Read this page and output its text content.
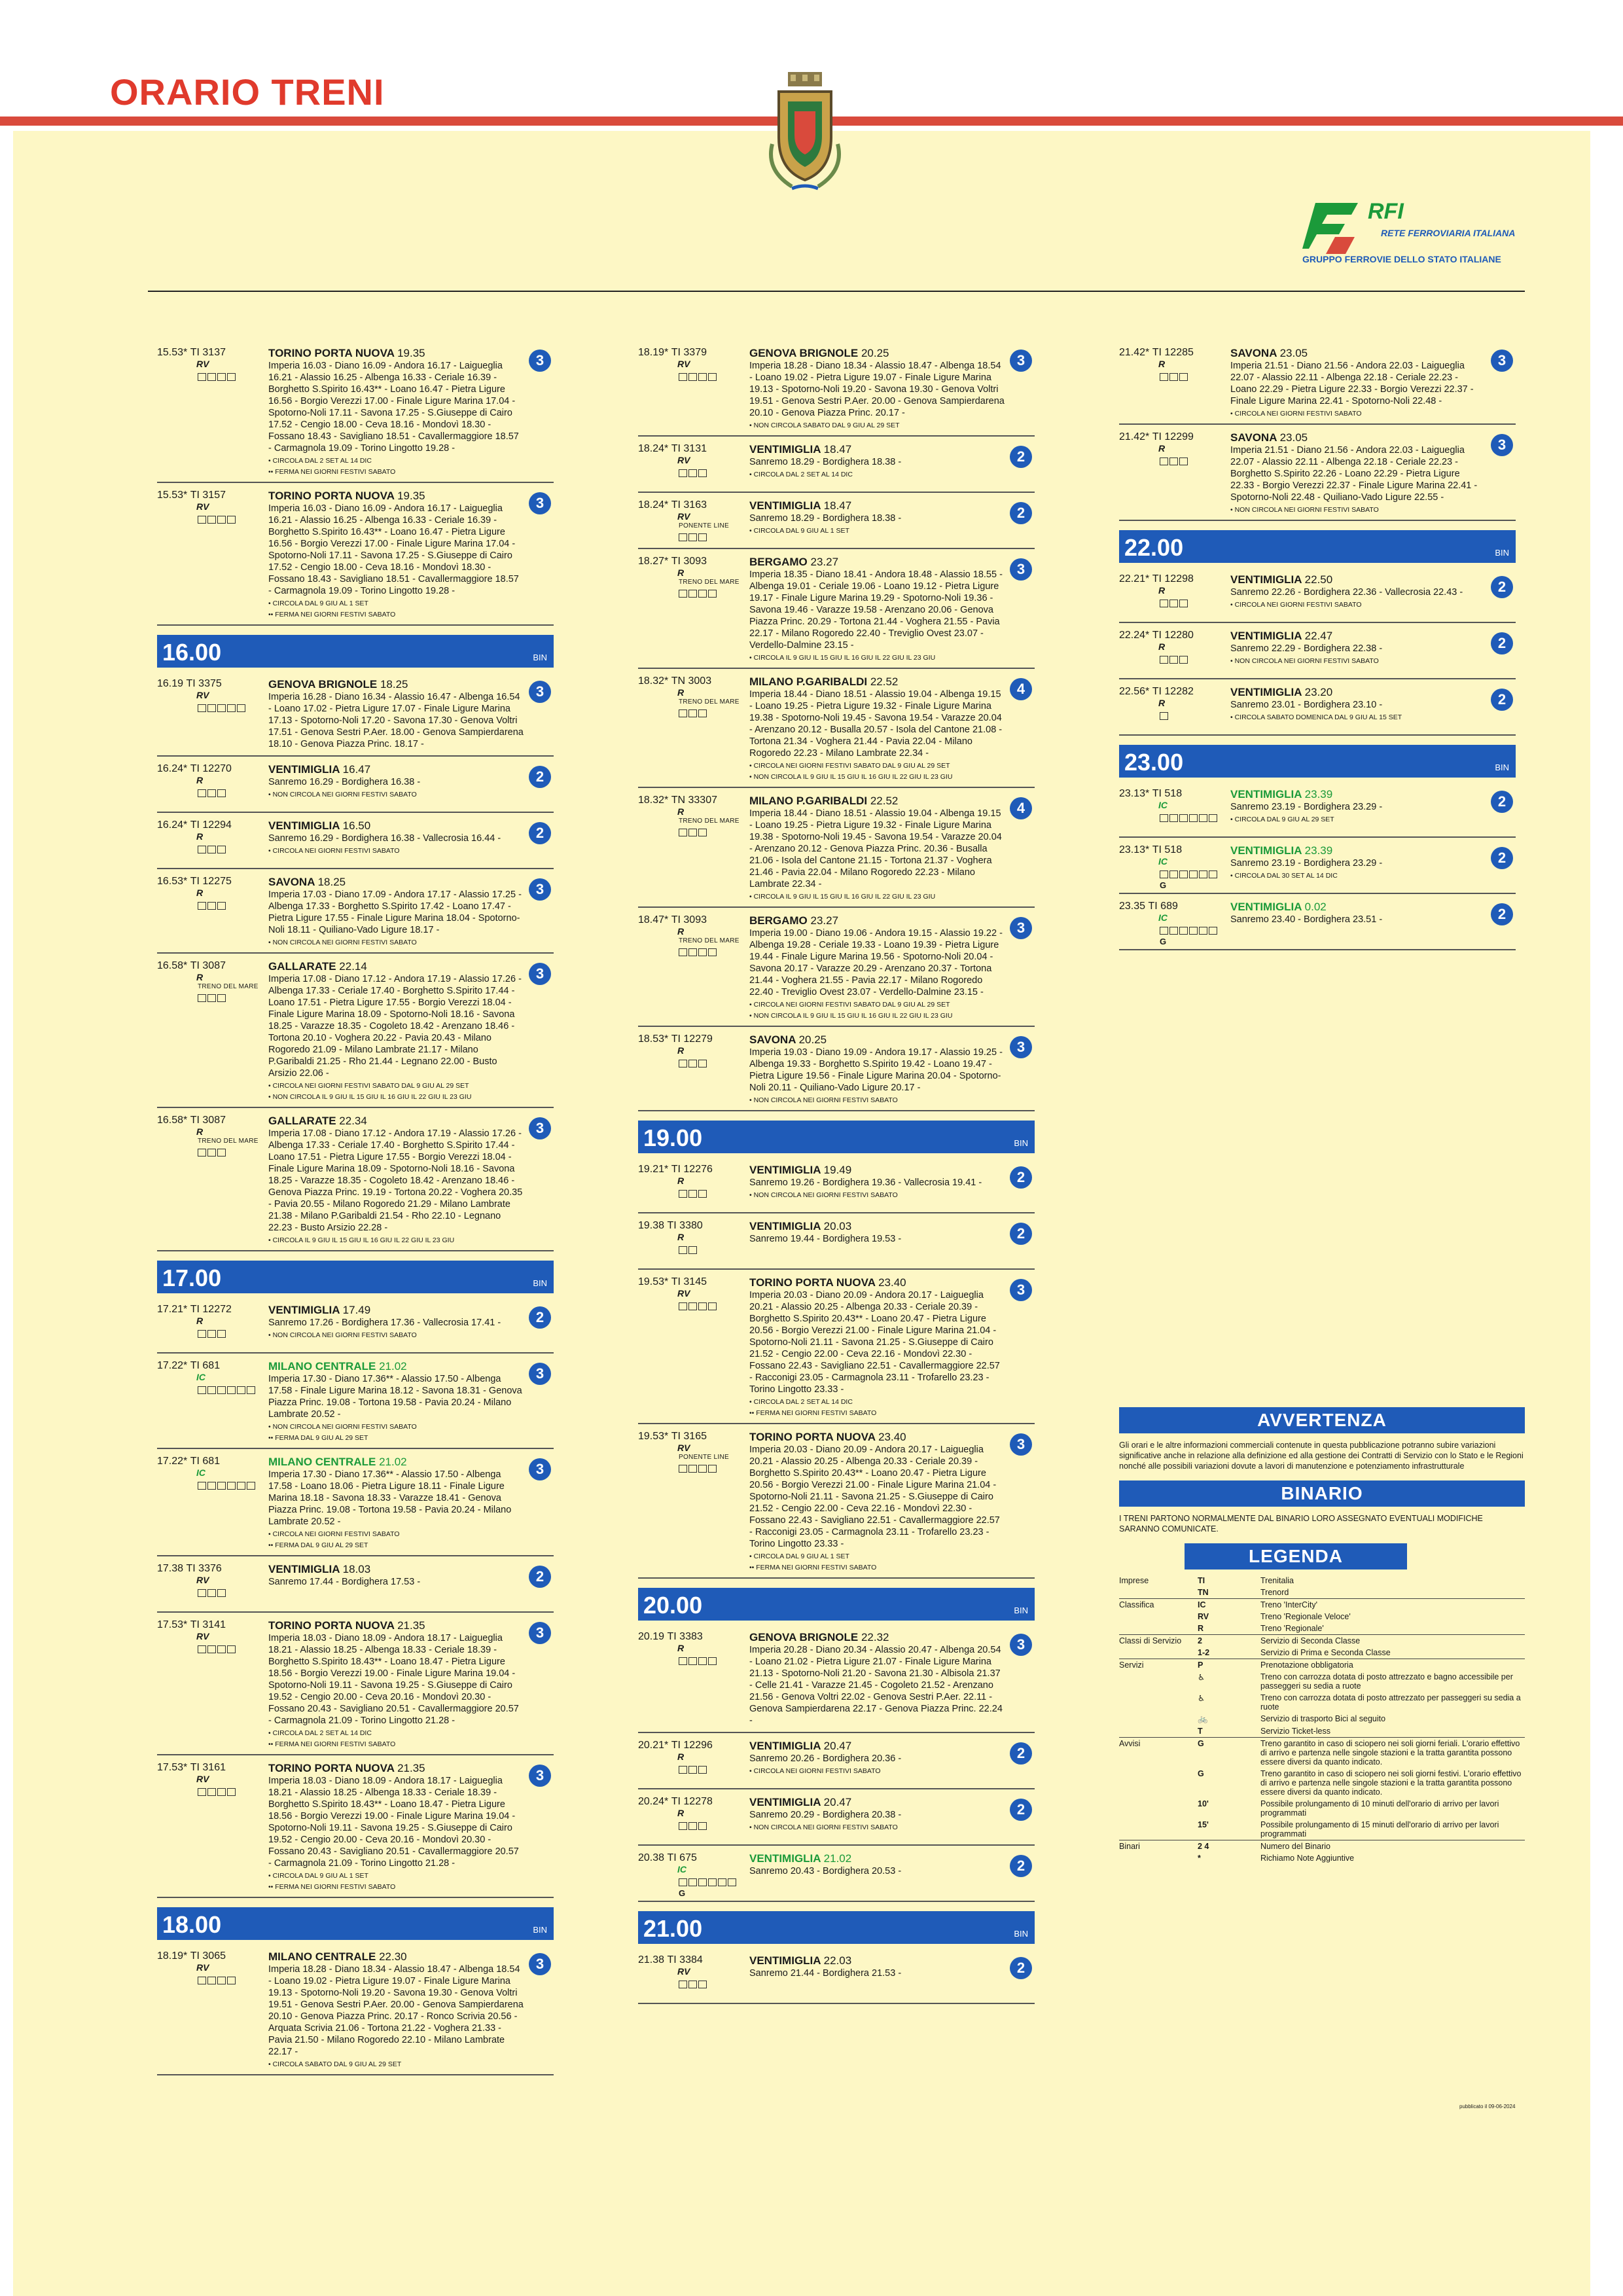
ORARIO TRENI
RFI
RETE FERROVIARIA ITALIANA
GRUPPO FERROVIE DELLO STATO ITALIANE
15.53* TI 3137
RV
TORINO PORTA NUOVA 19.35
Imperia 16.03 - Diano 16.09 - Andora 16.17 - Laigueglia 16.21 - Alassio 16.25 - Albenga 16.33 - Ceriale 16.39 - Borghetto S.Spirito 16.43** - Loano 16.47 - Pietra Ligure 16.56 - Borgio Verezzi 17.00 - Finale Ligure Marina 17.04 - Spotorno-Noli 17.11 - Savona 17.25 - S.Giuseppe di Cairo 17.52 - Cengio 18.00 - Ceva 18.16 - Mondovì 18.30 - Fossano 18.43 - Savigliano 18.51 - Cavallermaggiore 18.57 - Carmagnola 19.09 - Torino Lingotto 19.28 -
• CIRCOLA DAL 2 SET AL 14 DIC
•• FERMA NEI GIORNI FESTIVI SABATO
3
15.53* TI 3157
RV
TORINO PORTA NUOVA 19.35
Imperia 16.03 - Diano 16.09 - Andora 16.17 - Laigueglia 16.21 - Alassio 16.25 - Albenga 16.33 - Ceriale 16.39 - Borghetto S.Spirito 16.43** - Loano 16.47 - Pietra Ligure 16.56 - Borgio Verezzi 17.00 - Finale Ligure Marina 17.04 - Spotorno-Noli 17.11 - Savona 17.25 - S.Giuseppe di Cairo 17.52 - Cengio 18.00 - Ceva 18.16 - Mondovì 18.30 - Fossano 18.43 - Savigliano 18.51 - Cavallermaggiore 18.57 - Carmagnola 19.09 - Torino Lingotto 19.28 -
• CIRCOLA DAL 9 GIU AL 1 SET
•• FERMA NEI GIORNI FESTIVI SABATO
3
16.00	BIN
16.19 TI 3375
RV
GENOVA BRIGNOLE 18.25
Imperia 16.28 - Diano 16.34 - Alassio 16.47 - Albenga 16.54 - Loano 17.02 - Pietra Ligure 17.07 - Finale Ligure Marina 17.13 - Spotorno-Noli 17.20 - Savona 17.30 - Genova Voltri 17.51 - Genova Sestri P.Aer. 18.00 - Genova Sampierdarena 18.10 - Genova Piazza Princ. 18.17 -
3
16.24* TI 12270
R
VENTIMIGLIA 16.47
Sanremo 16.29 - Bordighera 16.38 -
• NON CIRCOLA NEI GIORNI FESTIVI SABATO
2
16.24* TI 12294
R
VENTIMIGLIA 16.50
Sanremo 16.29 - Bordighera 16.38 - Vallecrosia 16.44 -
• CIRCOLA NEI GIORNI FESTIVI SABATO
2
16.53* TI 12275
R
SAVONA 18.25
Imperia 17.03 - Diano 17.09 - Andora 17.17 - Alassio 17.25 - Albenga 17.33 - Borghetto S.Spirito 17.42 - Loano 17.47 - Pietra Ligure 17.55 - Finale Ligure Marina 18.04 - Spotorno-Noli 18.11 - Quiliano-Vado Ligure 18.17 -
• NON CIRCOLA NEI GIORNI FESTIVI SABATO
3
16.58* TI 3087
R
TRENO DEL MARE
GALLARATE 22.14
Imperia 17.08 - Diano 17.12 - Andora 17.19 - Alassio 17.26 - Albenga 17.33 - Ceriale 17.40 - Borghetto S.Spirito 17.44 - Loano 17.51 - Pietra Ligure 17.55 - Borgio Verezzi 18.04 - Finale Ligure Marina 18.09 - Spotorno-Noli 18.16 - Savona 18.25 - Varazze 18.35 - Cogoleto 18.42 - Arenzano 18.46 - Tortona 20.10 - Voghera 20.22 - Pavia 20.43 - Milano Rogoredo 21.09 - Milano Lambrate 21.17 - Milano P.Garibaldi 21.25 - Rho 21.44 - Legnano 22.00 - Busto Arsizio 22.06 -
• CIRCOLA NEI GIORNI FESTIVI SABATO DAL 9 GIU AL 29 SET
• NON CIRCOLA IL 9 GIU IL 15 GIU IL 16 GIU IL 22 GIU IL 23 GIU
3
16.58* TI 3087
R
TRENO DEL MARE
GALLARATE 22.34
Imperia 17.08 - Diano 17.12 - Andora 17.19 - Alassio 17.26 - Albenga 17.33 - Ceriale 17.40 - Borghetto S.Spirito 17.44 - Loano 17.51 - Pietra Ligure 17.55 - Borgio Verezzi 18.04 - Finale Ligure Marina 18.09 - Spotorno-Noli 18.16 - Savona 18.25 - Varazze 18.35 - Cogoleto 18.42 - Arenzano 18.46 - Genova Piazza Princ. 19.19 - Tortona 20.22 - Voghera 20.35 - Pavia 20.55 - Milano Rogoredo 21.29 - Milano Lambrate 21.38 - Milano P.Garibaldi 21.54 - Rho 22.10 - Legnano 22.23 - Busto Arsizio 22.28 -
• CIRCOLA IL 9 GIU IL 15 GIU IL 16 GIU IL 22 GIU IL 23 GIU
3
17.00	BIN
17.21* TI 12272
R
VENTIMIGLIA 17.49
Sanremo 17.26 - Bordighera 17.36 - Vallecrosia 17.41 -
• NON CIRCOLA NEI GIORNI FESTIVI SABATO
2
17.22* TI 681
IC
MILANO CENTRALE 21.02
Imperia 17.30 - Diano 17.36** - Alassio 17.50 - Albenga 17.58 - Finale Ligure Marina 18.12 - Savona 18.31 - Genova Piazza Princ. 19.08 - Tortona 19.58 - Pavia 20.24 - Milano Lambrate 20.52 -
• NON CIRCOLA NEI GIORNI FESTIVI SABATO
•• FERMA DAL 9 GIU AL 29 SET
3
17.22* TI 681
IC
MILANO CENTRALE 21.02
Imperia 17.30 - Diano 17.36** - Alassio 17.50 - Albenga 17.58 - Loano 18.06 - Pietra Ligure 18.11 - Finale Ligure Marina 18.18 - Savona 18.33 - Varazze 18.41 - Genova Piazza Princ. 19.08 - Tortona 19.58 - Pavia 20.24 - Milano Lambrate 20.52 -
• CIRCOLA NEI GIORNI FESTIVI SABATO
•• FERMA DAL 9 GIU AL 29 SET
3
17.38 TI 3376
RV
VENTIMIGLIA 18.03
Sanremo 17.44 - Bordighera 17.53 -	2
17.53* TI 3141
RV
TORINO PORTA NUOVA 21.35
Imperia 18.03 - Diano 18.09 - Andora 18.17 - Laigueglia 18.21 - Alassio 18.25 - Albenga 18.33 - Ceriale 18.39 - Borghetto S.Spirito 18.43** - Loano 18.47 - Pietra Ligure 18.56 - Borgio Verezzi 19.00 - Finale Ligure Marina 19.04 - Spotorno-Noli 19.11 - Savona 19.25 - S.Giuseppe di Cairo 19.52 - Cengio 20.00 - Ceva 20.16 - Mondovì 20.30 - Fossano 20.43 - Savigliano 20.51 - Cavallermaggiore 20.57 - Carmagnola 21.09 - Torino Lingotto 21.28 -
• CIRCOLA DAL 2 SET AL 14 DIC
•• FERMA NEI GIORNI FESTIVI SABATO
3
17.53* TI 3161
RV
TORINO PORTA NUOVA 21.35
Imperia 18.03 - Diano 18.09 - Andora 18.17 - Laigueglia 18.21 - Alassio 18.25 - Albenga 18.33 - Ceriale 18.39 - Borghetto S.Spirito 18.43** - Loano 18.47 - Pietra Ligure 18.56 - Borgio Verezzi 19.00 - Finale Ligure Marina 19.04 - Spotorno-Noli 19.11 - Savona 19.25 - S.Giuseppe di Cairo 19.52 - Cengio 20.00 - Ceva 20.16 - Mondovì 20.30 - Fossano 20.43 - Savigliano 20.51 - Cavallermaggiore 20.57 - Carmagnola 21.09 - Torino Lingotto 21.28 -
• CIRCOLA DAL 9 GIU AL 1 SET
•• FERMA NEI GIORNI FESTIVI SABATO
3
18.00	BIN
18.19* TI 3065
RV
MILANO CENTRALE 22.30
Imperia 18.28 - Diano 18.34 - Alassio 18.47 - Albenga 18.54 - Loano 19.02 - Pietra Ligure 19.07 - Finale Ligure Marina 19.13 - Spotorno-Noli 19.20 - Savona 19.30 - Genova Voltri 19.51 - Genova Sestri P.Aer. 20.00 - Genova Sampierdarena 20.10 - Genova Piazza Princ. 20.17 - Ronco Scrivia 20.56 - Arquata Scrivia 21.06 - Tortona 21.22 - Voghera 21.33 - Pavia 21.50 - Milano Rogoredo 22.10 - Milano Lambrate 22.17 -
• CIRCOLA SABATO DAL 9 GIU AL 29 SET
3
18.19* TI 3379
RV
GENOVA BRIGNOLE 20.25
Imperia 18.28 - Diano 18.34 - Alassio 18.47 - Albenga 18.54 - Loano 19.02 - Pietra Ligure 19.07 - Finale Ligure Marina 19.13 - Spotorno-Noli 19.20 - Savona 19.30 - Genova Voltri 19.51 - Genova Sestri P.Aer. 20.00 - Genova Sampierdarena 20.10 - Genova Piazza Princ. 20.17 -
• NON CIRCOLA SABATO DAL 9 GIU AL 29 SET
3
18.24* TI 3131
RV
VENTIMIGLIA 18.47
Sanremo 18.29 - Bordighera 18.38 -
• CIRCOLA DAL 2 SET AL 14 DIC
2
18.24* TI 3163
RV
PONENTE LINE
VENTIMIGLIA 18.47
Sanremo 18.29 - Bordighera 18.38 -
• CIRCOLA DAL 9 GIU AL 1 SET
2
18.27* TI 3093
R
TRENO DEL MARE
BERGAMO 23.27
Imperia 18.35 - Diano 18.41 - Andora 18.48 - Alassio 18.55 - Albenga 19.01 - Ceriale 19.06 - Loano 19.12 - Pietra Ligure 19.17 - Finale Ligure Marina 19.29 - Spotorno-Noli 19.36 - Savona 19.46 - Varazze 19.58 - Arenzano 20.06 - Genova Piazza Princ. 20.29 - Tortona 21.44 - Voghera 21.55 - Pavia 22.17 - Milano Rogoredo 22.40 - Treviglio Ovest 23.07 - Verdello-Dalmine 23.15 -
• CIRCOLA IL 9 GIU IL 15 GIU IL 16 GIU IL 22 GIU IL 23 GIU
3
18.32* TN 3003
R
TRENO DEL MARE
MILANO P.GARIBALDI 22.52
Imperia 18.44 - Diano 18.51 - Alassio 19.04 - Albenga 19.15 - Loano 19.25 - Pietra Ligure 19.32 - Finale Ligure Marina 19.38 - Spotorno-Noli 19.45 - Savona 19.54 - Varazze 20.04 - Arenzano 20.12 - Busalla 20.57 - Isola del Cantone 21.08 - Tortona 21.34 - Voghera 21.44 - Pavia 22.04 - Milano Rogoredo 22.23 - Milano Lambrate 22.34 -
• CIRCOLA NEI GIORNI FESTIVI SABATO DAL 9 GIU AL 29 SET
• NON CIRCOLA IL 9 GIU IL 15 GIU IL 16 GIU IL 22 GIU IL 23 GIU
4
18.32* TN 33307
R
TRENO DEL MARE
MILANO P.GARIBALDI 22.52
Imperia 18.44 - Diano 18.51 - Alassio 19.04 - Albenga 19.15 - Loano 19.25 - Pietra Ligure 19.32 - Finale Ligure Marina 19.38 - Spotorno-Noli 19.45 - Savona 19.54 - Varazze 20.04 - Arenzano 20.12 - Genova Piazza Princ. 20.36 - Busalla 21.06 - Isola del Cantone 21.15 - Tortona 21.37 - Voghera 21.46 - Pavia 22.04 - Milano Rogoredo 22.23 - Milano Lambrate 22.34 -
• CIRCOLA IL 9 GIU IL 15 GIU IL 16 GIU IL 22 GIU IL 23 GIU
4
18.47* TI 3093
R
TRENO DEL MARE
BERGAMO 23.27
Imperia 19.00 - Diano 19.06 - Andora 19.15 - Alassio 19.22 - Albenga 19.28 - Ceriale 19.33 - Loano 19.39 - Pietra Ligure 19.44 - Finale Ligure Marina 19.56 - Spotorno-Noli 20.04 - Savona 20.17 - Varazze 20.29 - Arenzano 20.37 - Tortona 21.44 - Voghera 21.55 - Pavia 22.17 - Milano Rogoredo 22.40 - Treviglio Ovest 23.07 - Verdello-Dalmine 23.15 -
• CIRCOLA NEI GIORNI FESTIVI SABATO DAL 9 GIU AL 29 SET
• NON CIRCOLA IL 9 GIU IL 15 GIU IL 16 GIU IL 22 GIU IL 23 GIU
3
18.53* TI 12279
R
SAVONA 20.25
Imperia 19.03 - Diano 19.09 - Andora 19.17 - Alassio 19.25 - Albenga 19.33 - Borghetto S.Spirito 19.42 - Loano 19.47 - Pietra Ligure 19.56 - Finale Ligure Marina 20.04 - Spotorno-Noli 20.11 - Quiliano-Vado Ligure 20.17 -
• NON CIRCOLA NEI GIORNI FESTIVI SABATO
3
19.00	BIN
19.21* TI 12276
R
VENTIMIGLIA 19.49
Sanremo 19.26 - Bordighera 19.36 - Vallecrosia 19.41 -
• NON CIRCOLA NEI GIORNI FESTIVI SABATO
2
19.38 TI 3380
R
VENTIMIGLIA 20.03
Sanremo 19.44 - Bordighera 19.53 -	2
19.53* TI 3145
RV
TORINO PORTA NUOVA 23.40
Imperia 20.03 - Diano 20.09 - Andora 20.17 - Laigueglia 20.21 - Alassio 20.25 - Albenga 20.33 - Ceriale 20.39 - Borghetto S.Spirito 20.43** - Loano 20.47 - Pietra Ligure 20.56 - Borgio Verezzi 21.00 - Finale Ligure Marina 21.04 - Spotorno-Noli 21.11 - Savona 21.25 - S.Giuseppe di Cairo 21.52 - Cengio 22.00 - Ceva 22.16 - Mondovì 22.30 - Fossano 22.43 - Savigliano 22.51 - Cavallermaggiore 22.57 - Racconigi 23.05 - Carmagnola 23.11 - Trofarello 23.23 - Torino Lingotto 23.33 -
• CIRCOLA DAL 2 SET AL 14 DIC
•• FERMA NEI GIORNI FESTIVI SABATO
3
19.53* TI 3165
RV
PONENTE LINE
TORINO PORTA NUOVA 23.40
Imperia 20.03 - Diano 20.09 - Andora 20.17 - Laigueglia 20.21 - Alassio 20.25 - Albenga 20.33 - Ceriale 20.39 - Borghetto S.Spirito 20.43** - Loano 20.47 - Pietra Ligure 20.56 - Borgio Verezzi 21.00 - Finale Ligure Marina 21.04 - Spotorno-Noli 21.11 - Savona 21.25 - S.Giuseppe di Cairo 21.52 - Cengio 22.00 - Ceva 22.16 - Mondovì 22.30 - Fossano 22.43 - Savigliano 22.51 - Cavallermaggiore 22.57 - Racconigi 23.05 - Carmagnola 23.11 - Trofarello 23.23 - Torino Lingotto 23.33 -
• CIRCOLA DAL 9 GIU AL 1 SET
•• FERMA NEI GIORNI FESTIVI SABATO
3
20.00	BIN
20.19 TI 3383
R
GENOVA BRIGNOLE 22.32
Imperia 20.28 - Diano 20.34 - Alassio 20.47 - Albenga 20.54 - Loano 21.02 - Pietra Ligure 21.07 - Finale Ligure Marina 21.13 - Spotorno-Noli 21.20 - Savona 21.30 - Albisola 21.37 - Celle 21.41 - Varazze 21.45 - Cogoleto 21.52 - Arenzano 21.56 - Genova Voltri 22.02 - Genova Sestri P.Aer. 22.11 - Genova Sampierdarena 22.17 - Genova Piazza Princ. 22.24 -
3
20.21* TI 12296
R
VENTIMIGLIA 20.47
Sanremo 20.26 - Bordighera 20.36 -
• CIRCOLA NEI GIORNI FESTIVI SABATO
2
20.24* TI 12278
R
VENTIMIGLIA 20.47
Sanremo 20.29 - Bordighera 20.38 -
• NON CIRCOLA NEI GIORNI FESTIVI SABATO
2
20.38 TI 675
IC
G
VENTIMIGLIA 21.02
Sanremo 20.43 - Bordighera 20.53 -	2
21.00	BIN
21.38 TI 3384
RV
VENTIMIGLIA 22.03
Sanremo 21.44 - Bordighera 21.53 -	2
21.42* TI 12285
R
SAVONA 23.05
Imperia 21.51 - Diano 21.56 - Andora 22.03 - Laigueglia 22.07 - Alassio 22.11 - Albenga 22.18 - Ceriale 22.23 - Loano 22.29 - Pietra Ligure 22.33 - Borgio Verezzi 22.37 - Finale Ligure Marina 22.41 - Spotorno-Noli 22.48 -
• CIRCOLA NEI GIORNI FESTIVI SABATO
3
21.42* TI 12299
R
SAVONA 23.05
Imperia 21.51 - Diano 21.56 - Andora 22.03 - Laigueglia 22.07 - Alassio 22.11 - Albenga 22.18 - Ceriale 22.23 - Borghetto S.Spirito 22.26 - Loano 22.29 - Pietra Ligure 22.33 - Borgio Verezzi 22.37 - Finale Ligure Marina 22.41 - Spotorno-Noli 22.48 - Quiliano-Vado Ligure 22.55 -
• NON CIRCOLA NEI GIORNI FESTIVI SABATO
3
22.00	BIN
22.21* TI 12298
R
VENTIMIGLIA 22.50
Sanremo 22.26 - Bordighera 22.36 - Vallecrosia 22.43 -
• CIRCOLA NEI GIORNI FESTIVI SABATO
2
22.24* TI 12280
R
VENTIMIGLIA 22.47
Sanremo 22.29 - Bordighera 22.38 -
• NON CIRCOLA NEI GIORNI FESTIVI SABATO
2
22.56* TI 12282
R
VENTIMIGLIA 23.20
Sanremo 23.01 - Bordighera 23.10 -
• CIRCOLA SABATO DOMENICA DAL 9 GIU AL 15 SET
2
23.00	BIN
23.13* TI 518
IC
VENTIMIGLIA 23.39
Sanremo 23.19 - Bordighera 23.29 -
• CIRCOLA DAL 9 GIU AL 29 SET
2
23.13* TI 518
IC
G
VENTIMIGLIA 23.39
Sanremo 23.19 - Bordighera 23.29 -
• CIRCOLA DAL 30 SET AL 14 DIC
2
23.35 TI 689
IC
G
VENTIMIGLIA 0.02
Sanremo 23.40 - Bordighera 23.51 -	2
AVVERTENZA
Gli orari e le altre informazioni commerciali contenute in questa pubblicazione potranno subire variazioni significative anche in relazione alla definizione ed alla gestione dei Contratti di Servizio con lo Stato e le Regioni nonché alle possibili variazioni dovute a lavori di manutenzione e potenziamento infrastrutturale
BINARIO
I TRENI PARTONO NORMALMENTE DAL BINARIO LORO ASSEGNATO EVENTUALI MODIFICHE SARANNO COMUNICATE.
LEGENDA
Imprese	TI	Trenitalia
	TN	Trenord
Classifica	IC	Treno 'InterCity'
	RV	Treno 'Regionale Veloce'
	R	Treno 'Regionale'
Classi di Servizio	2	Servizio di Seconda Classe
	1-2	Servizio di Prima e Seconda Classe
Servizi	P	Prenotazione obbligatoria
	♿	Treno con carrozza dotata di posto attrezzato e bagno accessibile per passeggeri su sedia a ruote
	♿	Treno con carrozza dotata di posto attrezzato per passeggeri su sedia a ruote
	🚲	Servizio di trasporto Bici al seguito
	T	Servizio Ticket-less
Avvisi	G	Treno garantito in caso di sciopero nei soli giorni feriali. L'orario effettivo di arrivo e partenza nelle singole stazioni e la tratta garantita possono essere diversi da quanto indicato.
	G	Treno garantito in caso di sciopero nei soli giorni festivi. L'orario effettivo di arrivo e partenza nelle singole stazioni e la tratta garantita possono essere diversi da quanto indicato.
	10'	Possibile prolungamento di 10 minuti dell'orario di arrivo per lavori programmati
	15'	Possibile prolungamento di 15 minuti dell'orario di arrivo per lavori programmati
Binari	2 4	Numero del Binario
	*	Richiamo Note Aggiuntive
pubblicato il 09-06-2024
